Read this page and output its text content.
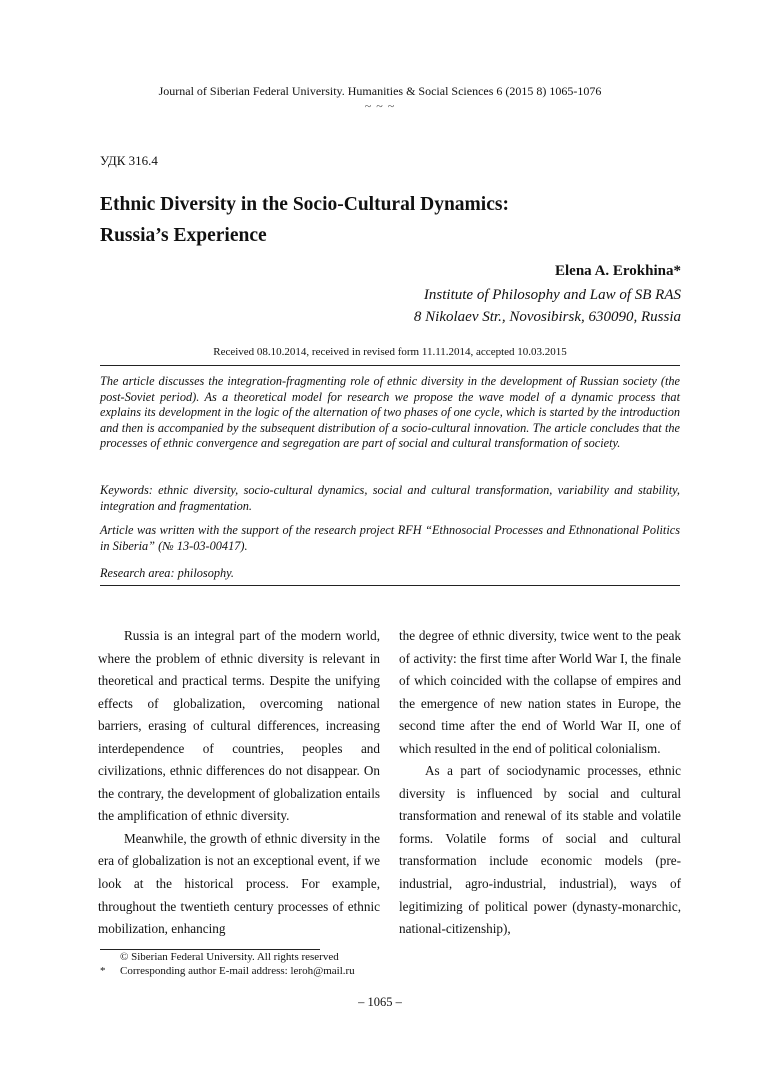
Journal of Siberian Federal University. Humanities & Social Sciences 6 (2015 8) 1065-1076
~ ~ ~
УДК 316.4
Ethnic Diversity in the Socio-Cultural Dynamics:
Russia’s Experience
Elena A. Erokhina*
Institute of Philosophy and Law of SB RAS
8 Nikolaev Str., Novosibirsk, 630090, Russia
Received 08.10.2014, received in revised form 11.11.2014, accepted 10.03.2015

The article discusses the integration-fragmenting role of ethnic diversity in the development of Russian society (the post-Soviet period). As a theoretical model for research we propose the wave model of a dynamic process that explains its development in the logic of the alternation of two phases of one cycle, which is started by the introduction and then is accompanied by the subsequent distribution of a socio-cultural innovation. The article concludes that the processes of ethnic convergence and segregation are part of social and cultural transformation of society.

Keywords: ethnic diversity, socio-cultural dynamics, social and cultural transformation, variability and stability, integration and fragmentation.

Article was written with the support of the research project RFH “Ethnosocial Processes and Ethnonational Politics in Siberia” (№ 13-03-00417).

Research area: philosophy.

Russia is an integral part of the modern world, where the problem of ethnic diversity is relevant in theoretical and practical terms. Despite the unifying effects of globalization, overcoming national barriers, erasing of cultural differences, increasing interdependence of countries, peoples and civilizations, ethnic differences do not disappear. On the contrary, the development of globalization entails the amplification of ethnic diversity.

Meanwhile, the growth of ethnic diversity in the era of globalization is not an exceptional event, if we look at the historical process. For example, throughout the twentieth century processes of ethnic mobilization, enhancing

the degree of ethnic diversity, twice went to the peak of activity: the first time after World War I, the finale of which coincided with the collapse of empires and the emergence of new nation states in Europe, the second time after the end of World War II, one of which resulted in the end of political colonialism.

As a part of sociodynamic processes, ethnic diversity is influenced by social and cultural transformation and renewal of its stable and volatile forms. Volatile forms of social and cultural transformation include economic models (pre-industrial, agro-industrial, industrial), ways of legitimizing of political power (dynasty-monarchic, national-citizenship),

© Siberian Federal University. All rights reserved
* Corresponding author E-mail address: leroh@mail.ru
– 1065 –
